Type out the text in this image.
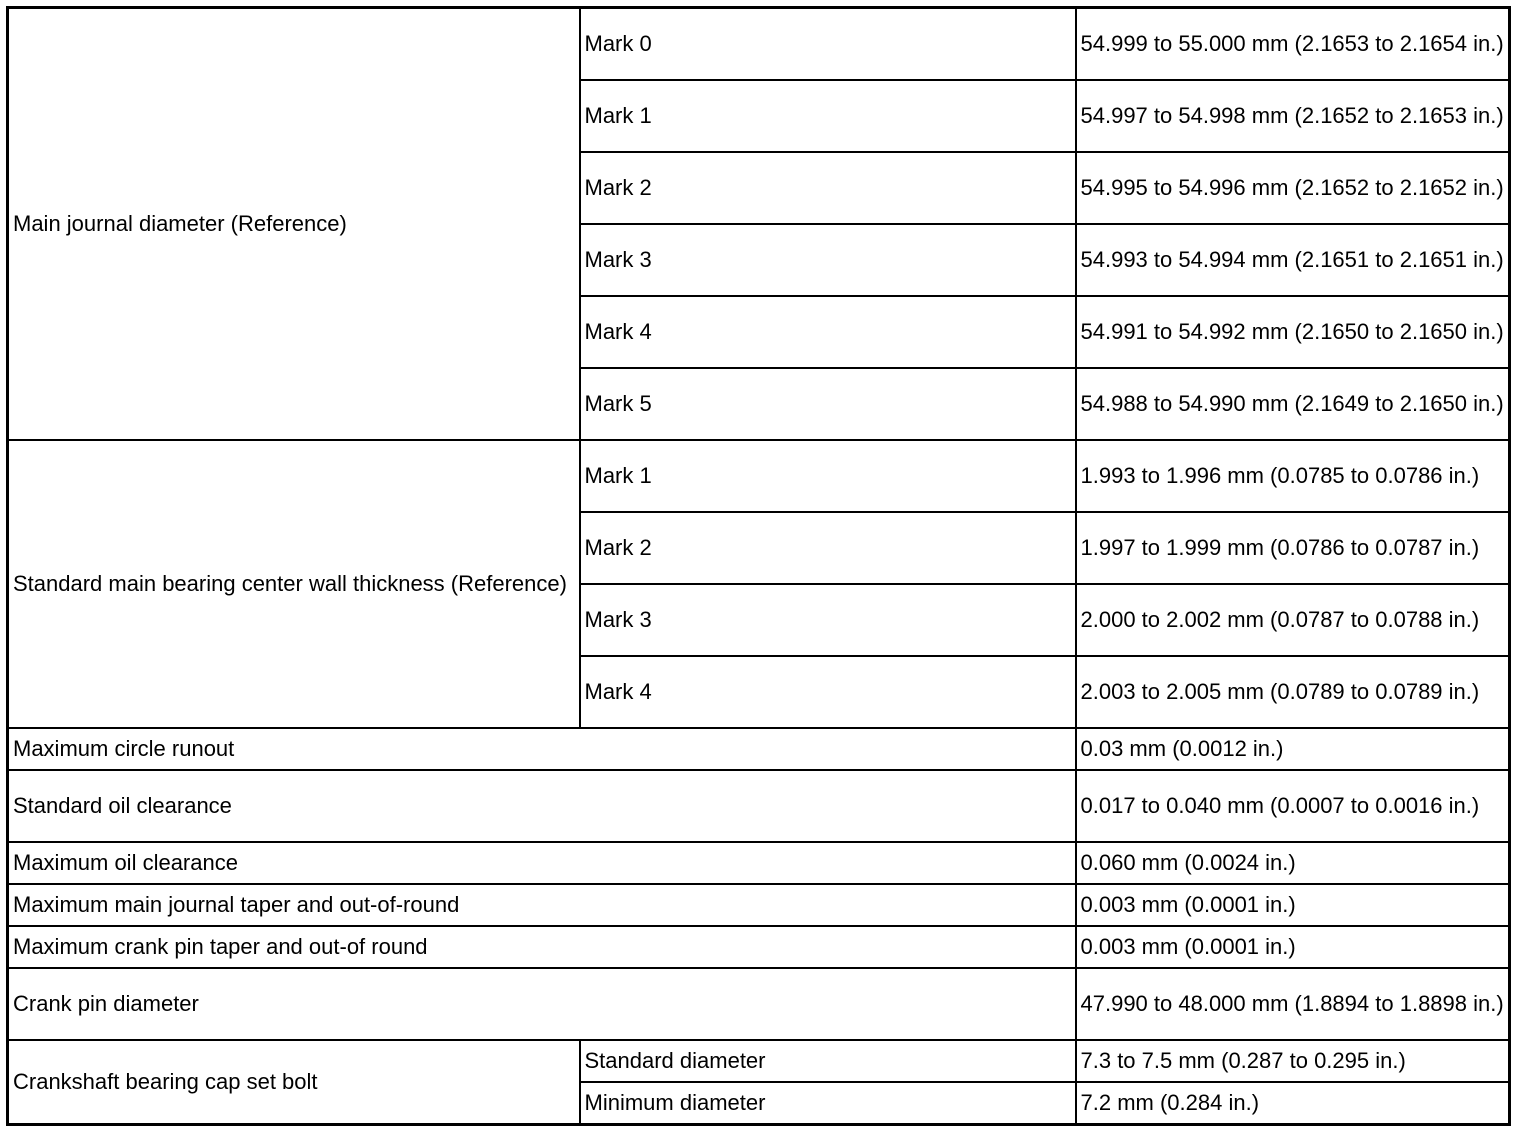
Main journal diameter (Reference)	Mark 0	54.999 to 55.000 mm (2.1653 to 2.1654 in.)
	Mark 1	54.997 to 54.998 mm (2.1652 to 2.1653 in.)
	Mark 2	54.995 to 54.996 mm (2.1652 to 2.1652 in.)
	Mark 3	54.993 to 54.994 mm (2.1651 to 2.1651 in.)
	Mark 4	54.991 to 54.992 mm (2.1650 to 2.1650 in.)
	Mark 5	54.988 to 54.990 mm (2.1649 to 2.1650 in.)
Standard main bearing center wall thickness (Reference)	Mark 1	1.993 to 1.996 mm (0.0785 to 0.0786 in.)
	Mark 2	1.997 to 1.999 mm (0.0786 to 0.0787 in.)
	Mark 3	2.000 to 2.002 mm (0.0787 to 0.0788 in.)
	Mark 4	2.003 to 2.005 mm (0.0789 to 0.0789 in.)
Maximum circle runout		0.03 mm (0.0012 in.)
Standard oil clearance		0.017 to 0.040 mm (0.0007 to 0.0016 in.)
Maximum oil clearance		0.060 mm (0.0024 in.)
Maximum main journal taper and out-of-round		0.003 mm (0.0001 in.)
Maximum crank pin taper and out-of round		0.003 mm (0.0001 in.)
Crank pin diameter		47.990 to 48.000 mm (1.8894 to 1.8898 in.)
Crankshaft bearing cap set bolt	Standard diameter	7.3 to 7.5 mm (0.287 to 0.295 in.)
	Minimum diameter	7.2 mm (0.284 in.)
